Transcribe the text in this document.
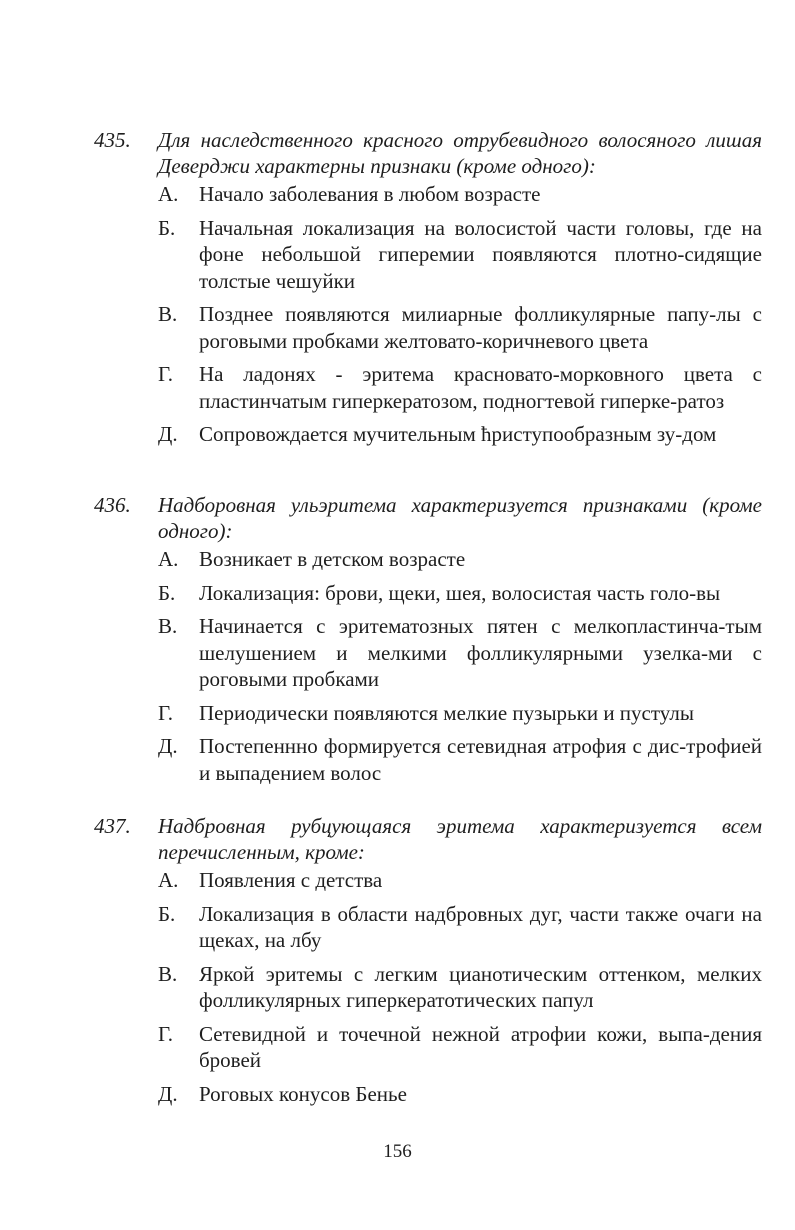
435. Для наследственного красного отрубевидного волосяного лишая Деверджи характерны признаки (кроме одного):
А. Начало заболевания в любом возрасте
Б. Начальная локализация на волосистой части головы, где на фоне небольшой гиперемии появляются плотно-сидящие толстые чешуйки
В. Позднее появляются милиарные фолликулярные папу-лы с роговыми пробками желтовато-коричневого цвета
Г. На ладонях - эритема красновато-морковного цвета с пластинчатым гиперкератозом, подногтевой гиперке-ратоз
Д. Сопровождается мучительным ћриступообразным зу-дом
436. Надборовная ульэритема характеризуется признаками (кроме одного):
А. Возникает в детском возрасте
Б. Локализация: брови, щеки, шея, волосистая часть голо-вы
В. Начинается с эритематозных пятен с мелкопластинча-тым шелушением и мелкими фолликулярными узелка-ми с роговыми пробками
Г. Периодически появляются мелкие пузырьки и пустулы
Д. Постепеннно формируется сетевидная атрофия с дис-трофией и выпадением волос
437. Надбровная рубцующаяся эритема характеризуется всем перечисленным, кроме:
А. Появления с детства
Б. Локализация в области надбровных дуг, части также очаги на щеках, на лбу
В. Яркой эритемы с легким цианотическим оттенком, мелких фолликулярных гиперкератотических папул
Г. Сетевидной и точечной нежной атрофии кожи, выпа-дения бровей
Д. Роговых конусов Бенье
156
